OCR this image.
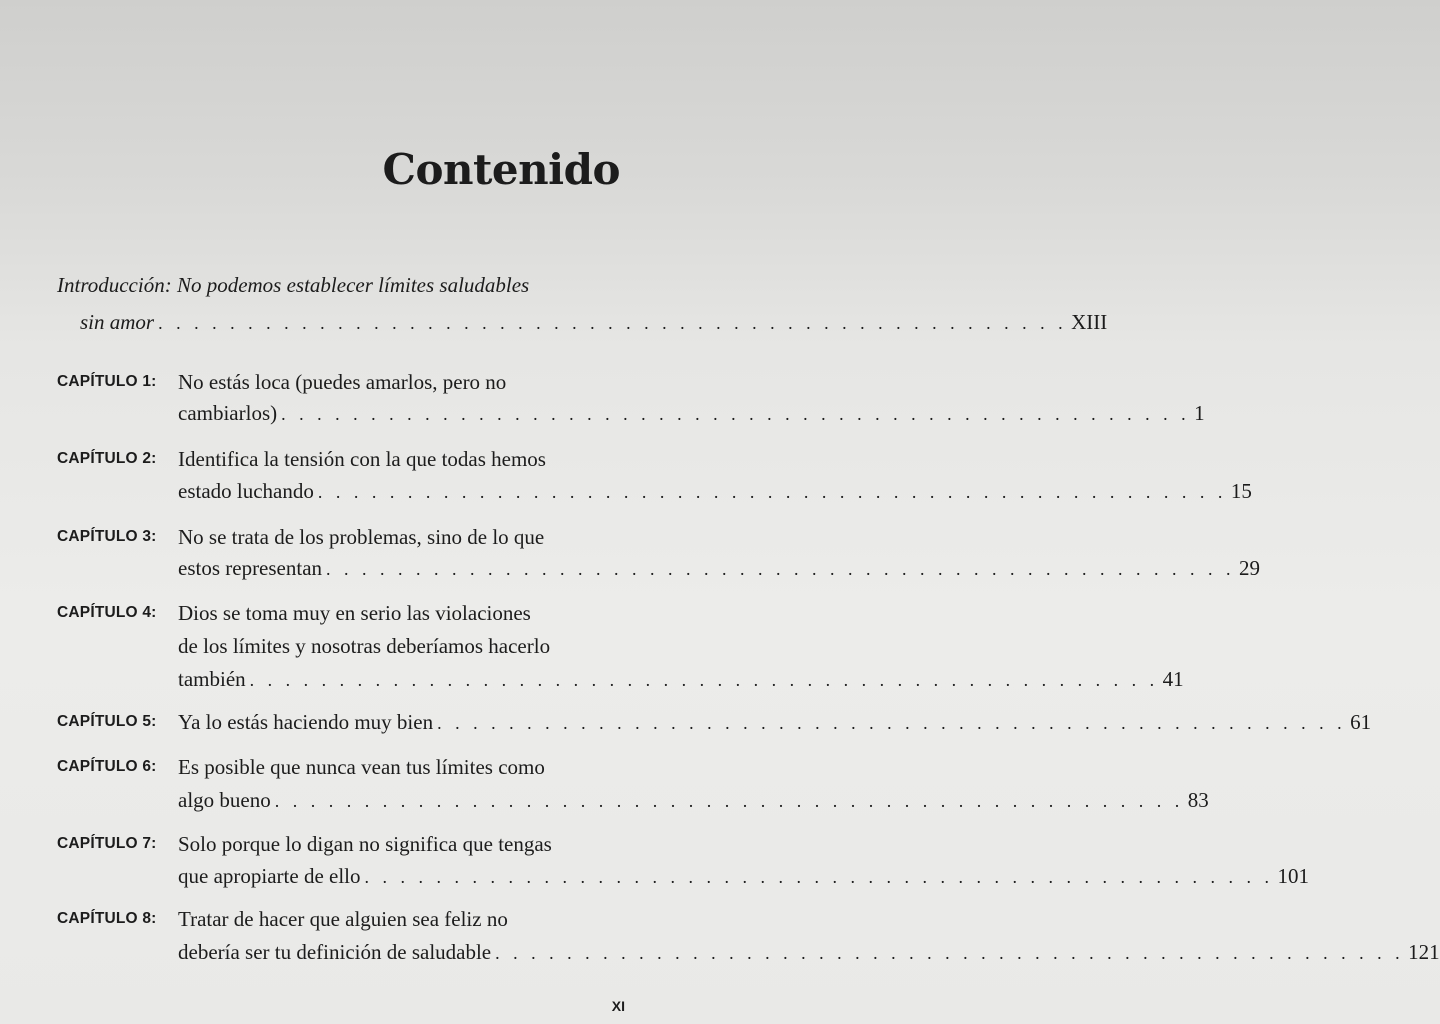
Contenido
Introducción: No podemos establecer límites saludables
sin amor . . . . . . . . . . . . . . . . . . . . . . . . . . . . . . . . . . . . . . . . . . . . . . . . . . . XIII
CAPÍTULO 1: No estás loca (puedes amarlos, pero no
cambiarlos) . . . . . . . . . . . . . . . . . . . . . . . . . . . . . . . . . . . . . . . . . . . . . . . . . . . 1
CAPÍTULO 2: Identifica la tensión con la que todas hemos
estado luchando . . . . . . . . . . . . . . . . . . . . . . . . . . . . . . . . . . . . . . . . . . . . . . . . . . . 15
CAPÍTULO 3: No se trata de los problemas, sino de lo que
estos representan . . . . . . . . . . . . . . . . . . . . . . . . . . . . . . . . . . . . . . . . . . . . . . . . . . . 29
CAPÍTULO 4: Dios se toma muy en serio las violaciones
de los límites y nosotras deberíamos hacerlo
también . . . . . . . . . . . . . . . . . . . . . . . . . . . . . . . . . . . . . . . . . . . . . . . . . . . 41
CAPÍTULO 5: Ya lo estás haciendo muy bien . . . . . . . . . . . . . . . . . . . . . . . . . . . . . . . . . . . . . . . . . . . . . . . . . . . 61
CAPÍTULO 6: Es posible que nunca vean tus límites como
algo bueno . . . . . . . . . . . . . . . . . . . . . . . . . . . . . . . . . . . . . . . . . . . . . . . . . . . 83
CAPÍTULO 7: Solo porque lo digan no significa que tengas
que apropiarte de ello . . . . . . . . . . . . . . . . . . . . . . . . . . . . . . . . . . . . . . . . . . . . . . . . . . . 101
CAPÍTULO 8: Tratar de hacer que alguien sea feliz no
debería ser tu definición de saludable . . . . . . . . . . . . . . . . . . . . . . . . . . . . . . . . . . . . . . . . . . . . . . . . . . . 121
XI
